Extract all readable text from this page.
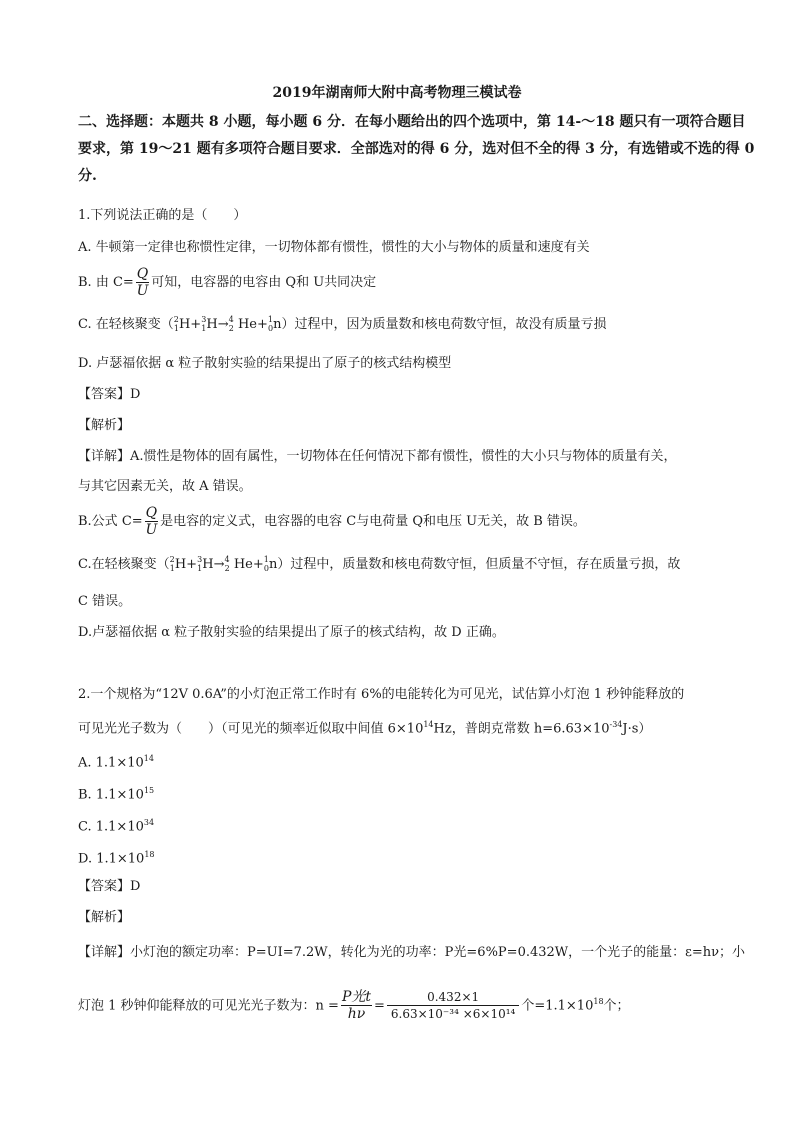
2019年湖南师大附中高考物理三模试卷
二、选择题：本题共 8 小题，每小题 6 分．在每小题给出的四个选项中，第 14-～18 题只有一项符合题目
要求，第 19～21 题有多项符合题目要求．全部选对的得 6 分，选对但不全的得 3 分，有选错或不选的得 0
分.
1.下列说法正确的是（　　）
A. 牛顿第一定律也称惯性定律，一切物体都有惯性，惯性的大小与物体的质量和速度有关
B. 由 $C= \frac{Q}{U}$ 可知，电容器的电容由 Q和 U共同决定
C. 在轻核聚变（$^2_1$H+$^3_1$H→$^4_2$ He+$^1_0$n）过程中，因为质量数和核电荷数守恒，故没有质量亏损
D. 卢瑟福依据 α 粒子散射实验的结果提出了原子的核式结构模型
【答案】D
【解析】
【详解】A.惯性是物体的固有属性，一切物体在任何情况下都有惯性，惯性的大小只与物体的质量有关，
与其它因素无关，故 A 错误。
B.公式 $C= \frac{Q}{U}$ 是电容的定义式，电容器的电容 C与电荷量 Q和电压 U无关，故 B 错误。
C.在轻核聚变（$^2_1$H+$^3_1$H→$^4_2$ He+$^1_0$n）过程中，质量数和核电荷数守恒，但质量不守恒，存在质量亏损，故
C 错误。
D.卢瑟福依据 α 粒子散射实验的结果提出了原子的核式结构，故 D 正确。
2.一个规格为“12V 0.6A”的小灯泡正常工作时有 6%的电能转化为可见光，试估算小灯泡 1 秒钟能释放的
可见光光子数为（　　）（可见光的频率近似取中间值 $6\times 10^{14}Hz$，普朗克常数 $h=6.63\times 10^{-34}J\cdot s$）
A. $1.1\times 10^{14}$
B. $1.1\times 10^{15}$
C. $1.1\times 10^{34}$
D. $1.1\times 10^{18}$
【答案】D
【解析】
【详解】小灯泡的额定功率：P=UI=7.2W，转化为光的功率：P光=6%P=0.432W，一个光子的能量：ε=hν；小
灯泡 1 秒钟仰能释放的可见光光子数为：$n = \frac{\text{P光t}}{h\nu} = \frac{0.432\times 1}{\text{6.63×10⁻³⁴ ×6×10¹⁴}}$ 个$=1.1\times 10^{18}$个；
